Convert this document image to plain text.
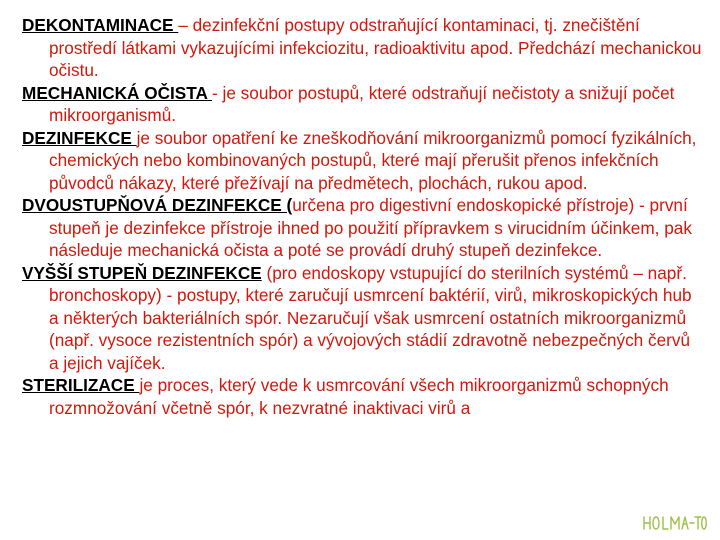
DEKONTAMINACE – dezinfekční postupy odstraňující kontaminaci, tj. znečištění prostředí látkami vykazujícími infekciozitu, radioaktivitu apod. Předchází mechanickou očistu.

MECHANICKÁ OČISTA - je soubor postupů, které odstraňují nečistoty a snižují počet mikroorganismů.

DEZINFEKCE je soubor opatření ke zneškodňování mikroorganizmů pomocí fyzikálních, chemických nebo kombinovaných postupů, které mají přerušit přenos infekčních původců nákazy, které přežívají na předmětech, plochách, rukou apod.

DVOUSTUPŇOVÁ DEZINFEKCE (určena pro digestivní endoskopické přístroje) - první stupeň je dezinfekce přístroje ihned po použití přípravkem s virucidním účinkem, pak následuje mechanická očista a poté se provádí druhý stupeň dezinfekce.

VYŠŠÍ STUPEŇ DEZINFEKCE (pro endoskopy vstupující do sterilních systémů – např. bronchoskopy) - postupy, které zaručují usmrcení baktérií, virů, mikroskopických hub a některých bakteriálních spór. Nezaručují však usmrcení ostatních mikroorganizmů (např. vysoce rezistentních spór) a vývojových stádií zdravotně nebezpečných červů a jejich vajíček.

STERILIZACE je proces, který vede k usmrcování všech mikroorganizmů schopných rozmnožování včetně spór, k nezvratné inaktivaci virů a
